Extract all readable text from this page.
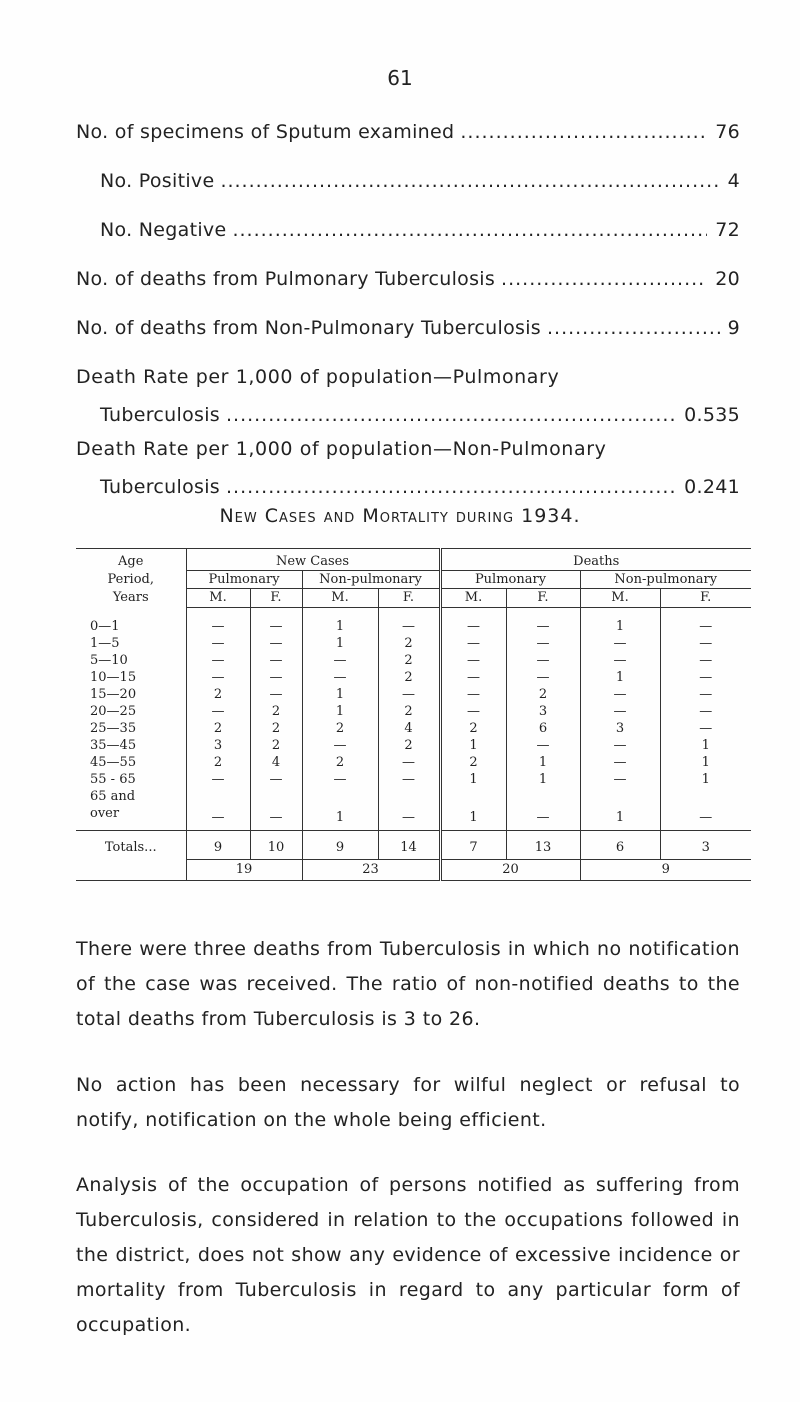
61
No. of specimens of Sputum examined .....	76
No. Positive .....	4
No. Negative .....	72
No. of deaths from Pulmonary Tuberculosis .....	20
No. of deaths from Non-Pulmonary Tuberculosis .....	9
Death Rate per 1,000 of population—Pulmonary
Tuberculosis .....	0.535
Death Rate per 1,000 of population—Non-Pulmonary
Tuberculosis .....	0.241
New Cases and Mortality during 1934.
Age
Period,
Years	New Cases				Deaths			
	Pulmonary		Non-pulmonary		Pulmonary		Non-pulmonary	
	M.	F.	M.	F.	M.	F.	M.	F.

0—1	—	—	1	—	—	—	1	—
1—5	—	—	1	2	—	—	—	—
5—10	—	—	—	2	—	—	—	—
10—15	—	—	—	2	—	—	1	—
15—20	2	—	1	—	—	2	—	—
20—25	—	2	1	2	—	3	—	—
25—35	2	2	2	4	2	6	3	—
35—45	3	2	—	2	1	—	—	1
45—55	2	4	2	—	2	1	—	1
55 - 65	—	—	—	—	1	1	—	1
65 and								
over	—	—	1	—	1	—	1	—
Totals...	9	10	9	14	7	13	6	3
	19		23		20		9	
There were three deaths from Tuberculosis in which no notification of the case was received. The ratio of non-notified deaths to the total deaths from Tuberculosis is 3 to 26.
No action has been necessary for wilful neglect or refusal to notify, notification on the whole being efficient.
Analysis of the occupation of persons notified as suffering from Tuberculosis, considered in relation to the occupations followed in the district, does not show any evidence of excessive incidence or mortality from Tuberculosis in regard to any particular form of occupation.
